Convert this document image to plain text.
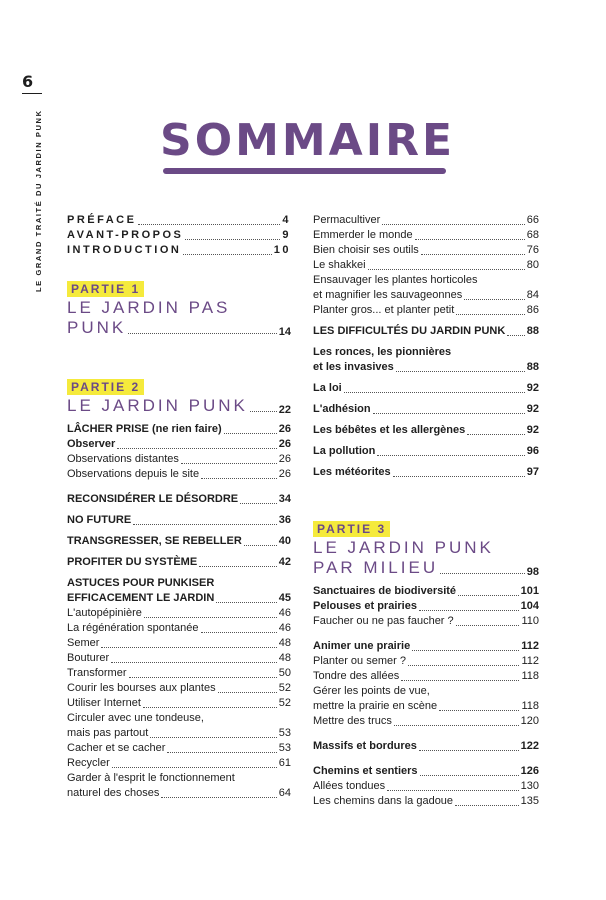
6
LE GRAND TRAITÉ DU JARDIN PUNK	SOMMAIRE
PRÉFACE	4
AVANT-PROPOS	9
INTRODUCTION	10
PARTIE 1
LE JARDIN PAS
PUNK	14
PARTIE 2
LE JARDIN PUNK	22
LÂCHER PRISE (ne rien faire)	26
Observer	26
Observations distantes	26
Observations depuis le site	26
RECONSIDÉRER LE DÉSORDRE	34
NO FUTURE	36
TRANSGRESSER, SE REBELLER	40
PROFITER DU SYSTÈME	42
ASTUCES POUR PUNKISER
EFFICACEMENT LE JARDIN	45
L'autopépinière	46
La régénération spontanée	46
Semer	48
Bouturer	48
Transformer	50
Courir les bourses aux plantes	52
Utiliser Internet	52
Circuler avec une tondeuse,
mais pas partout	53
Cacher et se cacher	53
Recycler	61
Garder à l'esprit le fonctionnement
naturel des choses	64
Permacultiver	66
Emmerder le monde	68
Bien choisir ses outils	76
Le shakkei	80
Ensauvager les plantes horticoles
et magnifier les sauvageonnes	84
Planter gros... et planter petit	86
LES DIFFICULTÉS DU JARDIN PUNK 88
Les ronces, les pionnières
et les invasives	88
La loi	92
L'adhésion	92
Les bébêtes et les allergènes	92
La pollution	96
Les météorites	97
PARTIE 3
LE JARDIN PUNK
PAR MILIEU	98
Sanctuaires de biodiversité	101
Pelouses et prairies	104
Faucher ou ne pas faucher ?	110
Animer une prairie	112
Planter ou semer ?	112
Tondre des allées	118
Gérer les points de vue,
mettre la prairie en scène	118
Mettre des trucs	120
Massifs et bordures	122
Chemins et sentiers	126
Allées tondues	130
Les chemins dans la gadoue	135
